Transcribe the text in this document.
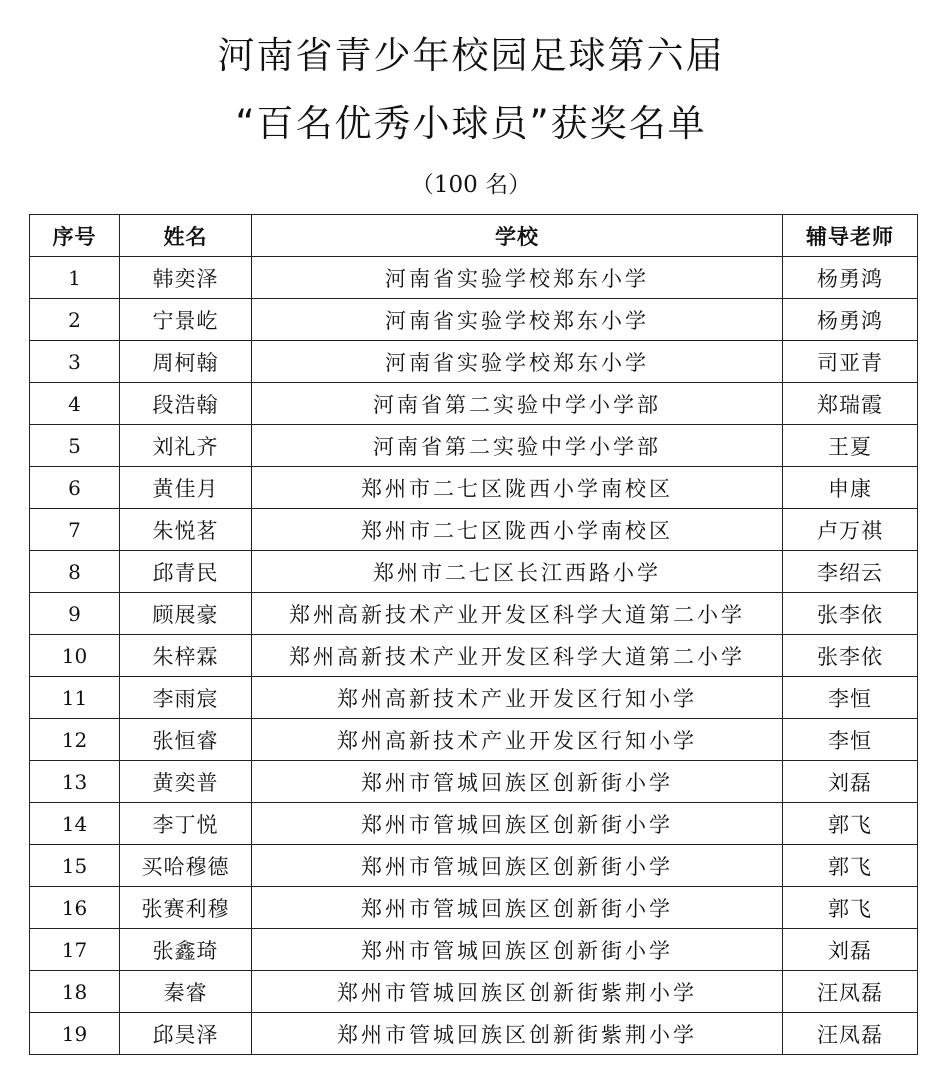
河南省青少年校园足球第六届
“百名优秀小球员”获奖名单
（100 名）
序号	姓名	学校	辅导老师
1	韩奕泽	河南省实验学校郑东小学	杨勇鸿
2	宁景屹	河南省实验学校郑东小学	杨勇鸿
3	周柯翰	河南省实验学校郑东小学	司亚青
4	段浩翰	河南省第二实验中学小学部	郑瑞霞
5	刘礼齐	河南省第二实验中学小学部	王夏
6	黄佳月	郑州市二七区陇西小学南校区	申康
7	朱悦茗	郑州市二七区陇西小学南校区	卢万祺
8	邱青民	郑州市二七区长江西路小学	李绍云
9	顾展豪	郑州高新技术产业开发区科学大道第二小学	张李依
10	朱梓霖	郑州高新技术产业开发区科学大道第二小学	张李依
11	李雨宸	郑州高新技术产业开发区行知小学	李恒
12	张恒睿	郑州高新技术产业开发区行知小学	李恒
13	黄奕普	郑州市管城回族区创新街小学	刘磊
14	李丁悦	郑州市管城回族区创新街小学	郭飞
15	买哈穆德	郑州市管城回族区创新街小学	郭飞
16	张赛利穆	郑州市管城回族区创新街小学	郭飞
17	张鑫琦	郑州市管城回族区创新街小学	刘磊
18	秦睿	郑州市管城回族区创新街紫荆小学	汪凤磊
19	邱昊泽	郑州市管城回族区创新街紫荆小学	汪凤磊
